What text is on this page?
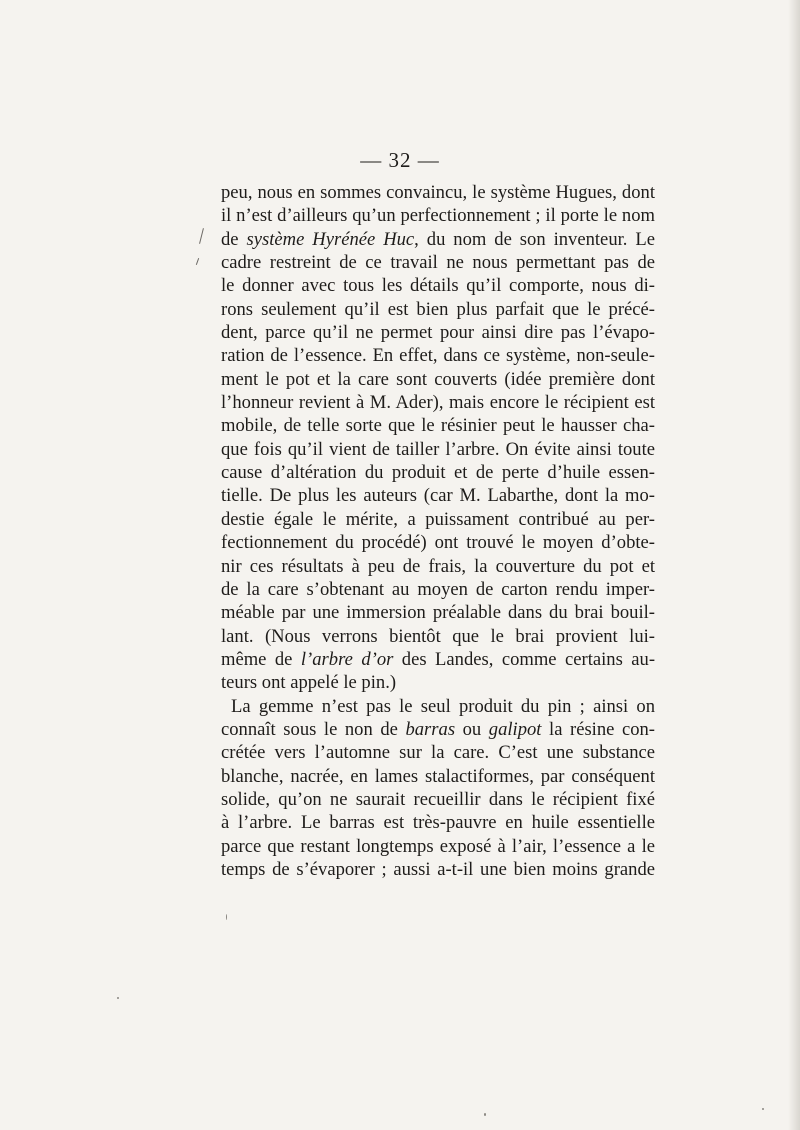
— 32 —
peu, nous en sommes convaincu, le système Hugues, dont
il n’est d’ailleurs qu’un perfectionnement ; il porte le nom
de système Hyrénée Huc, du nom de son inventeur. Le
cadre restreint de ce travail ne nous permettant pas de
le donner avec tous les détails qu’il comporte, nous di-
rons seulement qu’il est bien plus parfait que le précé-
dent, parce qu’il ne permet pour ainsi dire pas l’évapo-
ration de l’essence. En effet, dans ce système, non-seule-
ment le pot et la care sont couverts (idée première dont
l’honneur revient à M. Ader), mais encore le récipient est
mobile, de telle sorte que le résinier peut le hausser cha-
que fois qu’il vient de tailler l’arbre. On évite ainsi toute
cause d’altération du produit et de perte d’huile essen-
tielle. De plus les auteurs (car M. Labarthe, dont la mo-
destie égale le mérite, a puissament contribué au per-
fectionnement du procédé) ont trouvé le moyen d’obte-
nir ces résultats à peu de frais, la couverture du pot et
de la care s’obtenant au moyen de carton rendu imper-
méable par une immersion préalable dans du brai bouil-
lant. (Nous verrons bientôt que le brai provient lui-
même de l’arbre d’or des Landes, comme certains au-
teurs ont appelé le pin.)
La gemme n’est pas le seul produit du pin ; ainsi on
connaît sous le non de barras ou galipot la résine con-
crétée vers l’automne sur la care. C’est une substance
blanche, nacrée, en lames stalactiformes, par conséquent
solide, qu’on ne saurait recueillir dans le récipient fixé
à l’arbre. Le barras est très-pauvre en huile essentielle
parce que restant longtemps exposé à l’air, l’essence a le
temps de s’évaporer ; aussi a-t-il une bien moins grande
